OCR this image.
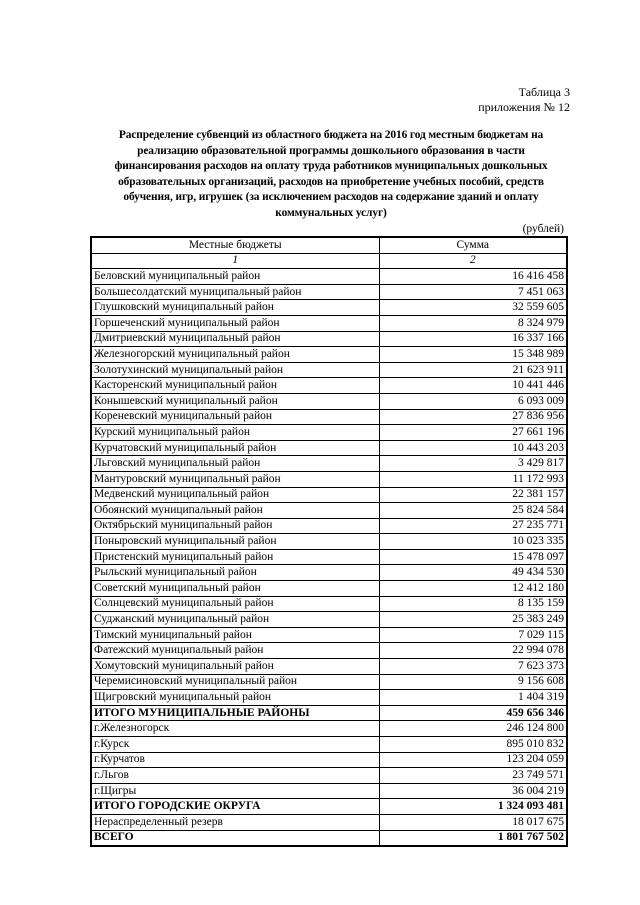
Таблица 3
приложения № 12
Распределение субвенций из областного бюджета на 2016 год местным бюджетам на реализацию образовательной программы дошкольного образования в части финансирования расходов на оплату труда работников муниципальных дошкольных образовательных организаций, расходов на приобретение учебных пособий, средств обучения, игр, игрушек (за исключением расходов на содержание зданий и оплату коммунальных услуг)
(рублей)
Местные бюджеты	Сумма
1	2
Беловский муниципальный район	16 416 458
Большесолдатский муниципальный район	7 451 063
Глушковский муниципальный район	32 559 605
Горшеченский муниципальный район	8 324 979
Дмитриевский муниципальный район	16 337 166
Железногорский муниципальный район	15 348 989
Золотухинский муниципальный район	21 623 911
Касторенский муниципальный район	10 441 446
Конышевский муниципальный район	6 093 009
Кореневский муниципальный район	27 836 956
Курский муниципальный район	27 661 196
Курчатовский муниципальный район	10 443 203
Льговский муниципальный район	3 429 817
Мантуровский муниципальный район	11 172 993
Медвенский муниципальный район	22 381 157
Обоянский муниципальный район	25 824 584
Октябрьский муниципальный район	27 235 771
Поныровский муниципальный район	10 023 335
Пристенский муниципальный район	15 478 097
Рыльский муниципальный район	49 434 530
Советский муниципальный район	12 412 180
Солнцевский муниципальный район	8 135 159
Суджанский муниципальный район	25 383 249
Тимский муниципальный район	7 029 115
Фатежский муниципальный район	22 994 078
Хомутовский муниципальный район	7 623 373
Черемисиновский муниципальный район	9 156 608
Щигровский муниципальный район	1 404 319
ИТОГО МУНИЦИПАЛЬНЫЕ РАЙОНЫ	459 656 346
г.Железногорск	246 124 800
г.Курск	895 010 832
г.Курчатов	123 204 059
г.Льгов	23 749 571
г.Щигры	36 004 219
ИТОГО ГОРОДСКИЕ ОКРУГА	1 324 093 481
Нераспределенный резерв	18 017 675
ВСЕГО	1 801 767 502
